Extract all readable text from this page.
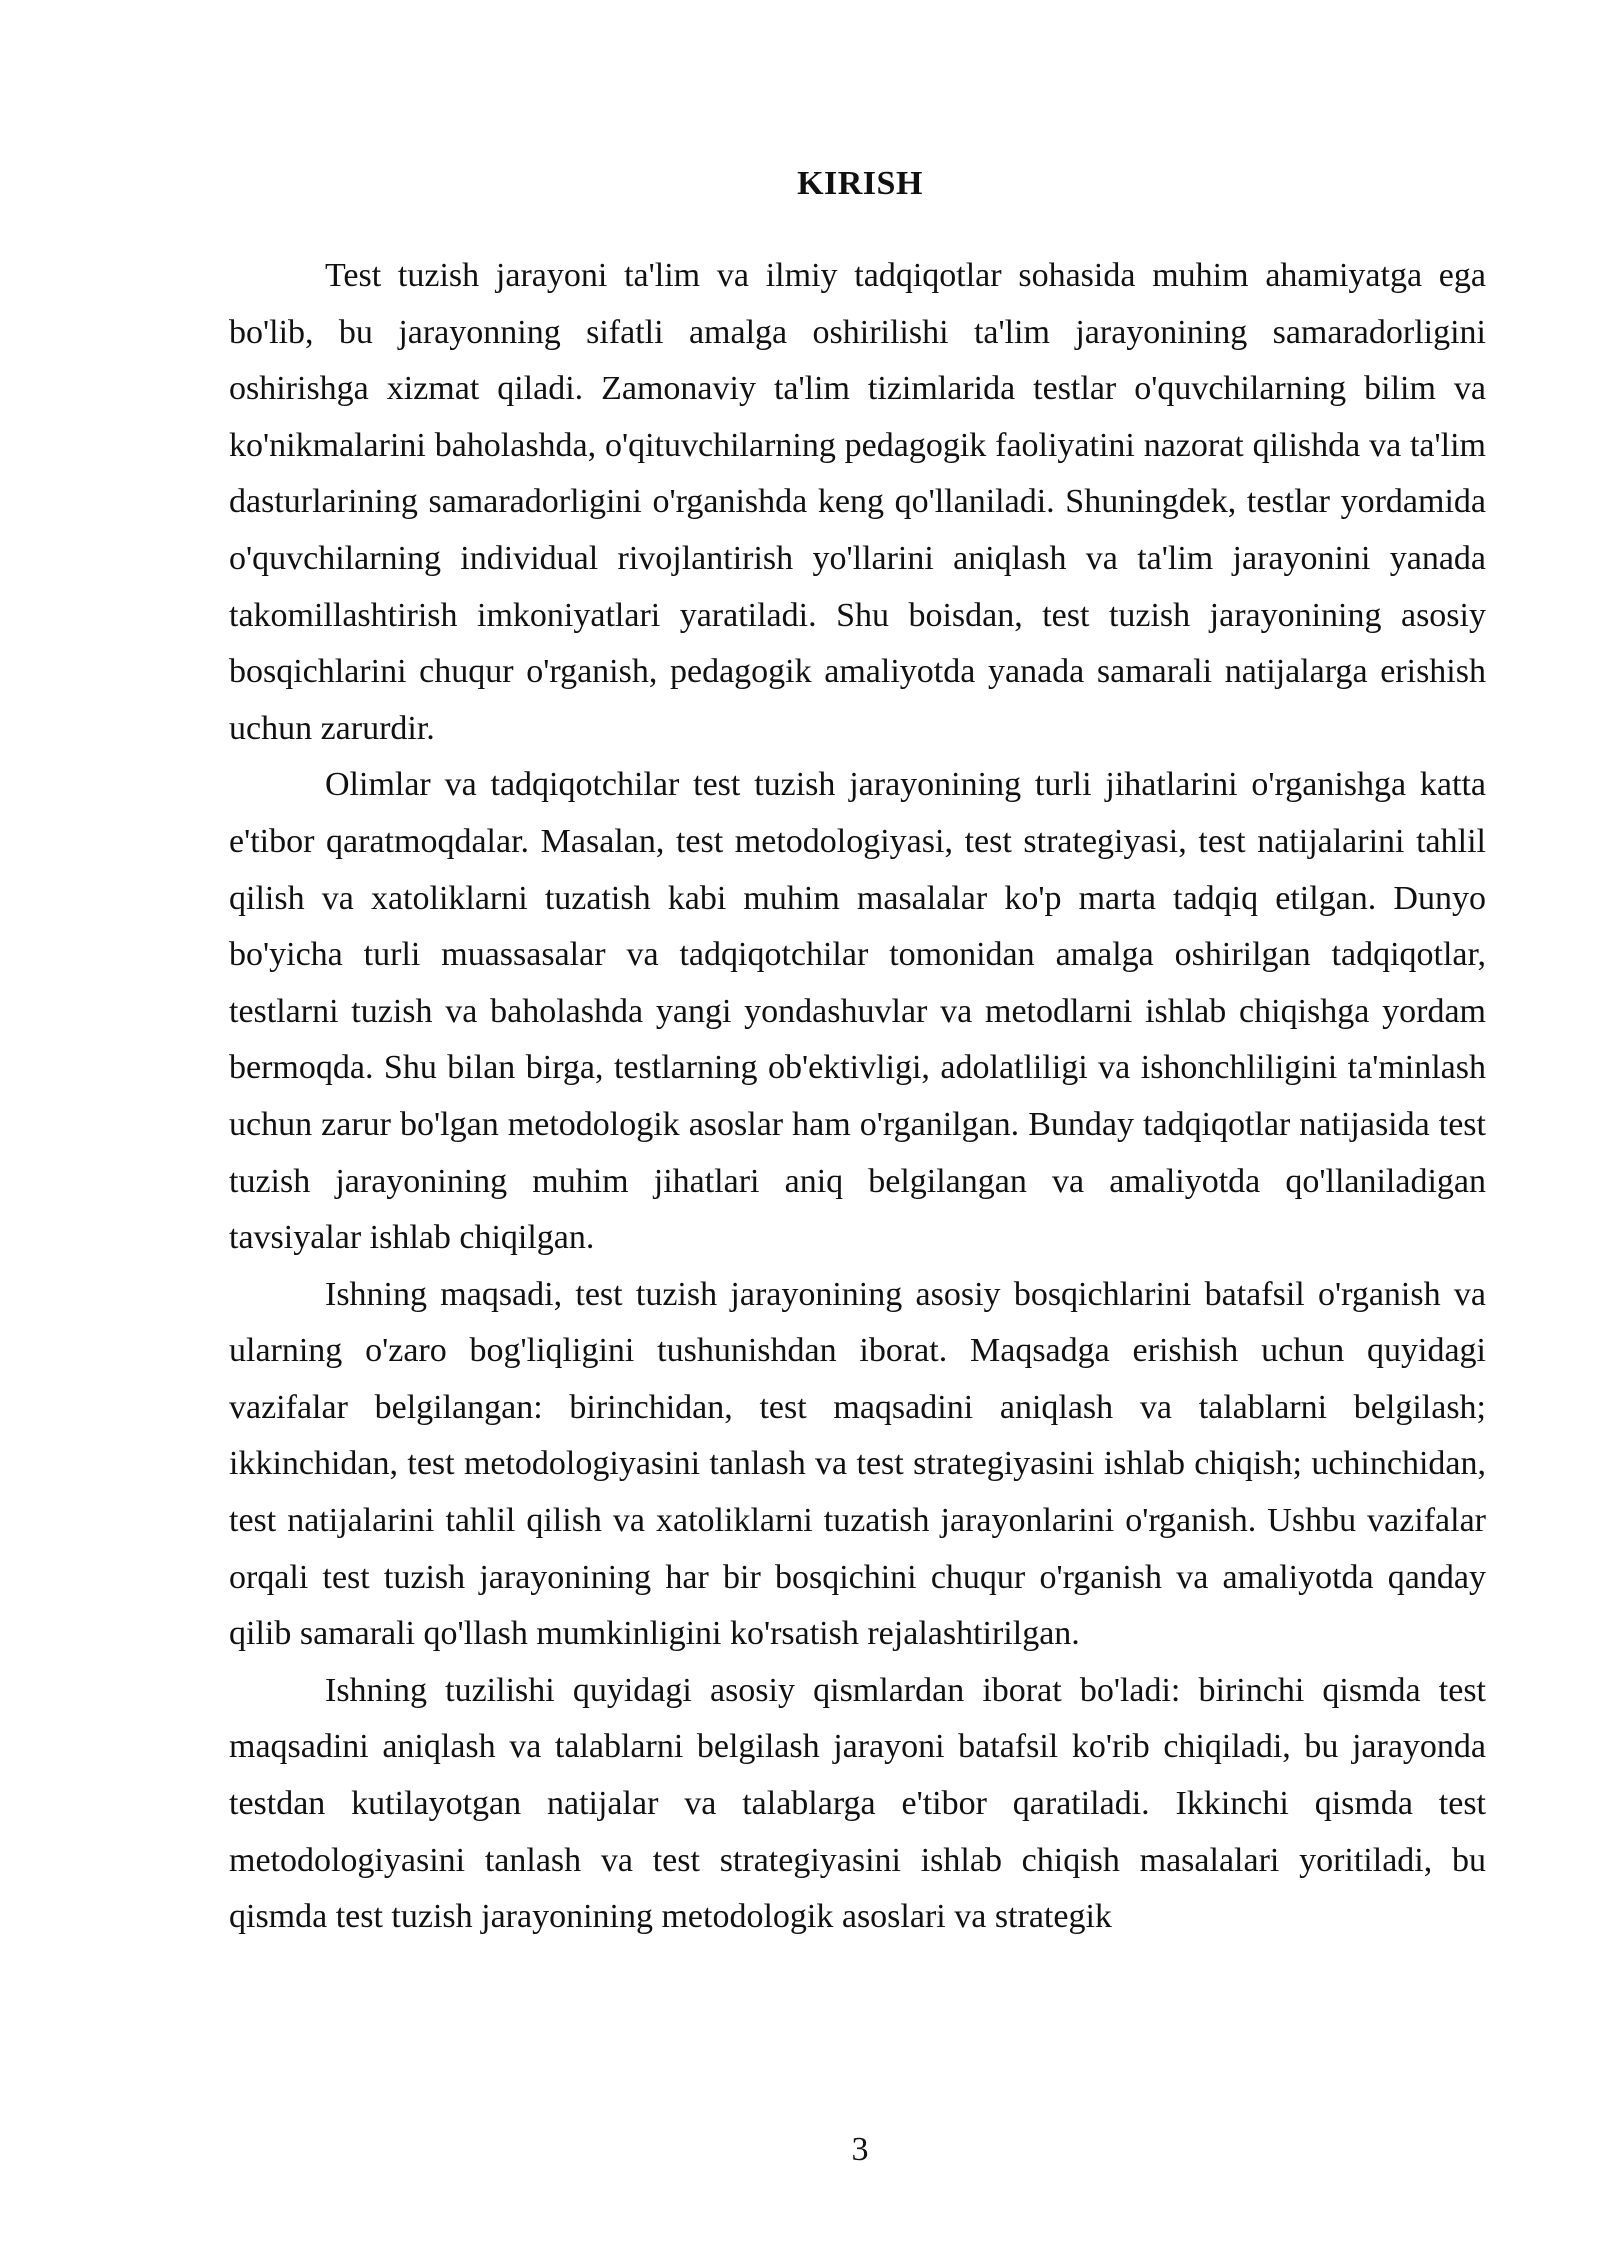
KIRISH

Test tuzish jarayoni ta'lim va ilmiy tadqiqotlar sohasida muhim ahamiyatga ega bo'lib, bu jarayonning sifatli amalga oshirilishi ta'lim jarayonining samaradorligini oshirishga xizmat qiladi. Zamonaviy ta'lim tizimlarida testlar o'quvchilarning bilim va ko'nikmalarini baholashda, o'qituvchilarning pedagogik faoliyatini nazorat qilishda va ta'lim dasturlarining samaradorligini o'rganishda keng qo'llaniladi. Shuningdek, testlar yordamida o'quvchilarning individual rivojlantirish yo'llarini aniqlash va ta'lim jarayonini yanada takomillashtirish imkoniyatlari yaratiladi. Shu boisdan, test tuzish jarayonining asosiy bosqichlarini chuqur o'rganish, pedagogik amaliyotda yanada samarali natijalarga erishish uchun zarurdir.

Olimlar va tadqiqotchilar test tuzish jarayonining turli jihatlarini o'rganishga katta e'tibor qaratmoqdalar. Masalan, test metodologiyasi, test strategiyasi, test natijalarini tahlil qilish va xatoliklarni tuzatish kabi muhim masalalar ko'p marta tadqiq etilgan. Dunyo bo'yicha turli muassasalar va tadqiqotchilar tomonidan amalga oshirilgan tadqiqotlar, testlarni tuzish va baholashda yangi yondashuvlar va metodlarni ishlab chiqishga yordam bermoqda. Shu bilan birga, testlarning ob'ektivligi, adolatliligi va ishonchliligini ta'minlash uchun zarur bo'lgan metodologik asoslar ham o'rganilgan. Bunday tadqiqotlar natijasida test tuzish jarayonining muhim jihatlari aniq belgilangan va amaliyotda qo'llaniladigan tavsiyalar ishlab chiqilgan.

Ishning maqsadi, test tuzish jarayonining asosiy bosqichlarini batafsil o'rganish va ularning o'zaro bog'liqligini tushunishdan iborat. Maqsadga erishish uchun quyidagi vazifalar belgilangan: birinchidan, test maqsadini aniqlash va talablarni belgilash; ikkinchidan, test metodologiyasini tanlash va test strategiyasini ishlab chiqish; uchinchidan, test natijalarini tahlil qilish va xatoliklarni tuzatish jarayonlarini o'rganish. Ushbu vazifalar orqali test tuzish jarayonining har bir bosqichini chuqur o'rganish va amaliyotda qanday qilib samarali qo'llash mumkinligini ko'rsatish rejalashtirilgan.

Ishning tuzilishi quyidagi asosiy qismlardan iborat bo'ladi: birinchi qismda test maqsadini aniqlash va talablarni belgilash jarayoni batafsil ko'rib chiqiladi, bu jarayonda testdan kutilayotgan natijalar va talablarga e'tibor qaratiladi. Ikkinchi qismda test metodologiyasini tanlash va test strategiyasini ishlab chiqish masalalari yoritiladi, bu qismda test tuzish jarayonining metodologik asoslari va strategik

3
